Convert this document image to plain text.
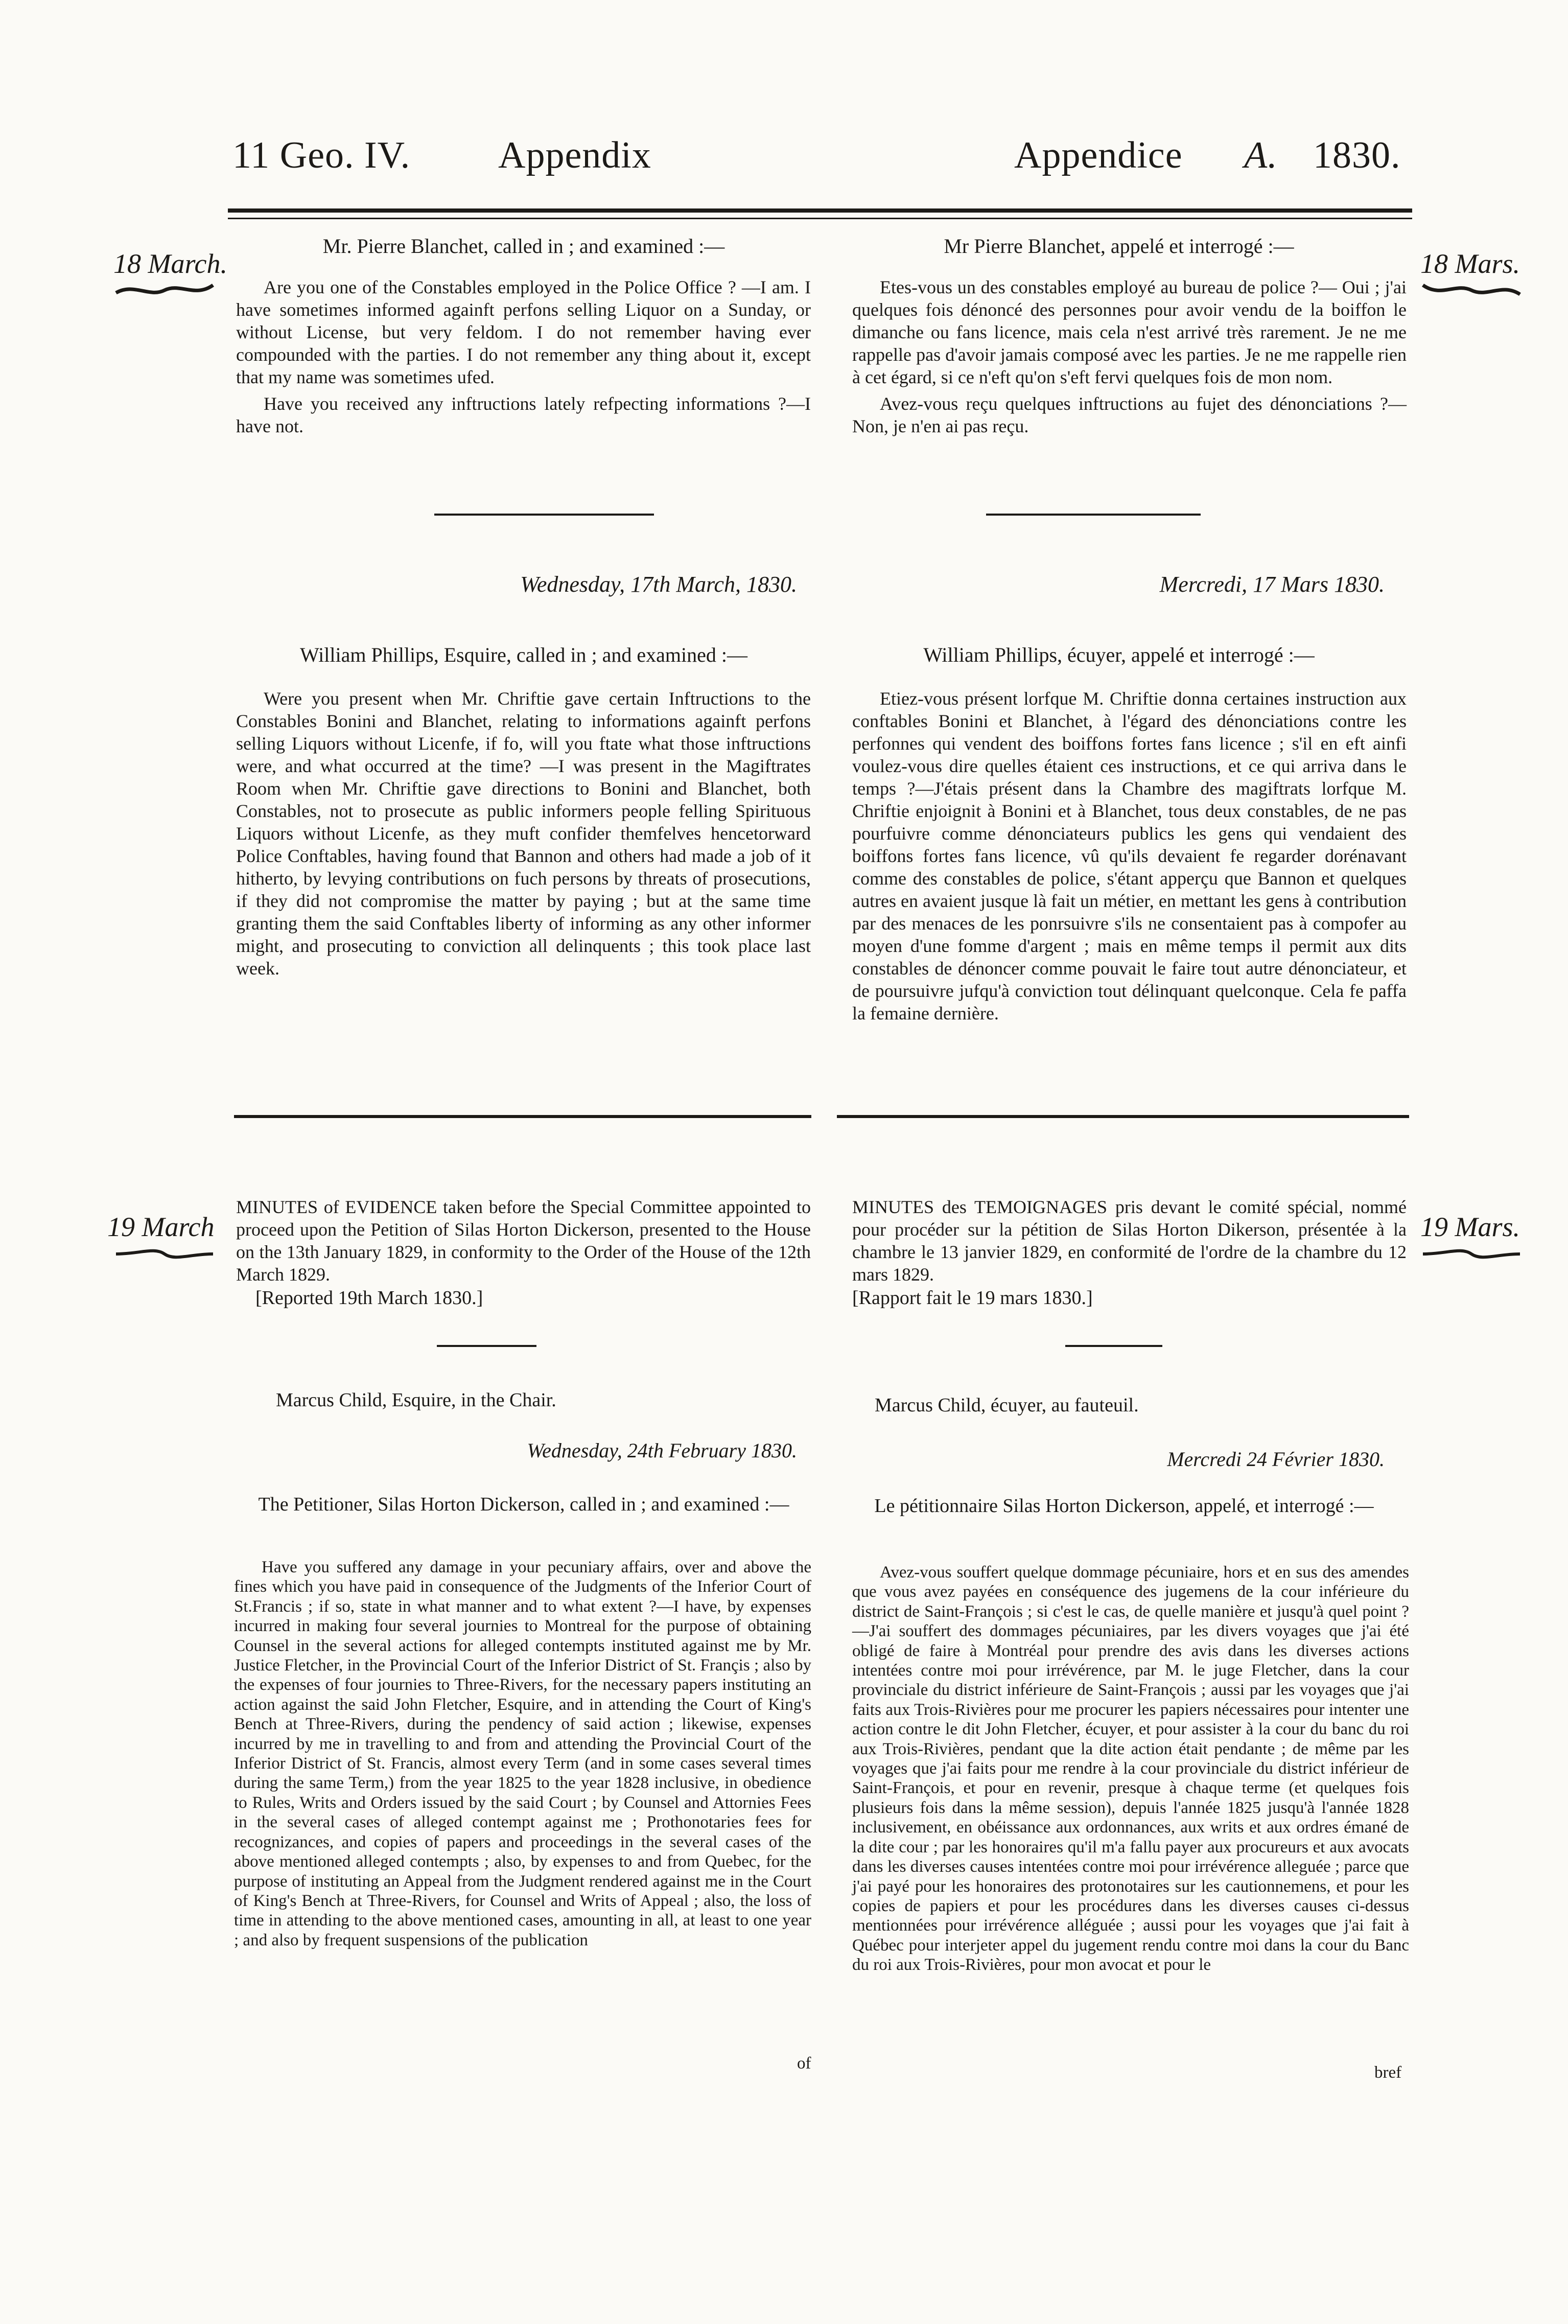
11 Geo. IV. Appendix	Appendice A. 1830.
18 March.	18 Mars.
Mr. Pierre Blanchet, called in ; and examined :—

Are you one of the Constables employed in the Police Office ? —I am. I have sometimes informed againft perfons selling Liquor on a Sunday, or without License, but very feldom. I do not remember having ever compounded with the parties. I do not remember any thing about it, except that my name was sometimes ufed.

Have you received any inftructions lately refpecting informations ?—I have not.

Mr Pierre Blanchet, appelé et interrogé :—

Etes-vous un des constables employé au bureau de police ?— Oui ; j'ai quelques fois dénoncé des personnes pour avoir vendu de la boiffon le dimanche ou fans licence, mais cela n'est arrivé très rarement. Je ne me rappelle pas d'avoir jamais composé avec les parties. Je ne me rappelle rien à cet égard, si ce n'eft qu'on s'eft fervi quelques fois de mon nom.

Avez-vous reçu quelques inftructions au fujet des dénonciations ?—Non, je n'en ai pas reçu.

Wednesday, 17th March, 1830.	Mercredi, 17 Mars 1830.
William Phillips, Esquire, called in ; and examined :—	William Phillips, écuyer, appelé et interrogé :—

Were you present when Mr. Chriftie gave certain Inftructions to the Constables Bonini and Blanchet, relating to informations againft perfons selling Liquors without Licenfe, if fo, will you ftate what those inftructions were, and what occurred at the time? —I was present in the Magiftrates Room when Mr. Chriftie gave directions to Bonini and Blanchet, both Constables, not to prosecute as public informers people felling Spirituous Liquors without Licenfe, as they muft confider themfelves hencetorward Police Conftables, having found that Bannon and others had made a job of it hitherto, by levying contributions on fuch persons by threats of prosecutions, if they did not compromise the matter by paying ; but at the same time granting them the said Conftables liberty of informing as any other informer might, and prosecuting to conviction all delinquents ; this took place last week.

Etiez-vous présent lorfque M. Chriftie donna certaines instruction aux conftables Bonini et Blanchet, à l'égard des dénonciations contre les perfonnes qui vendent des boiffons fortes fans licence ; s'il en eft ainfi voulez-vous dire quelles étaient ces instructions, et ce qui arriva dans le temps ?—J'étais présent dans la Chambre des magiftrats lorfque M. Chriftie enjoignit à Bonini et à Blanchet, tous deux constables, de ne pas pourfuivre comme dénonciateurs publics les gens qui vendaient des boiffons fortes fans licence, vû qu'ils devaient fe regarder dorénavant comme des constables de police, s'étant apperçu que Bannon et quelques autres en avaient jusque là fait un métier, en mettant les gens à contribution par des menaces de les ponrsuivre s'ils ne consentaient pas à compofer au moyen d'une fomme d'argent ; mais en même temps il permit aux dits constables de dénoncer comme pouvait le faire tout autre dénonciateur, et de poursuivre jufqu'à conviction tout délinquant quelconque. Cela fe paffa la femaine dernière.

19 March	19 Mars.
MINUTES of EVIDENCE taken before the Special Committee appointed to proceed upon the Petition of Silas Horton Dickerson, presented to the House on the 13th January 1829, in conformity to the Order of the House of the 12th March 1829.
[Reported 19th March 1830.]
MINUTES des TEMOIGNAGES pris devant le comité spécial, nommé pour procéder sur la pétition de Silas Horton Dikerson, présentée à la chambre le 13 janvier 1829, en conformité de l'ordre de la chambre du 12 mars 1829.
[Rapport fait le 19 mars 1830.]
Marcus Child, Esquire, in the Chair.	Marcus Child, écuyer, au fauteuil.
Wednesday, 24th February 1830.	Mercredi 24 Février 1830.
The Petitioner, Silas Horton Dickerson, called in ; and examined :—	Le pétitionnaire Silas Horton Dickerson, appelé, et interrogé :—

Have you suffered any damage in your pecuniary affairs, over and above the fines which you have paid in consequence of the Judgments of the Inferior Court of St.Francis ; if so, state in what manner and to what extent ?—I have, by expenses incurred in making four several journies to Montreal for the purpose of obtaining Counsel in the several actions for alleged contempts instituted against me by Mr. Justice Fletcher, in the Provincial Court of the Inferior District of St. Françis ; also by the expenses of four journies to Three-Rivers, for the necessary papers instituting an action against the said John Fletcher, Esquire, and in attending the Court of King's Bench at Three-Rivers, during the pendency of said action ; likewise, expenses incurred by me in travelling to and from and attending the Provincial Court of the Inferior District of St. Francis, almost every Term (and in some cases several times during the same Term,) from the year 1825 to the year 1828 inclusive, in obedience to Rules, Writs and Orders issued by the said Court ; by Counsel and Attornies Fees in the several cases of alleged contempt against me ; Prothonotaries fees for recognizances, and copies of papers and proceedings in the several cases of the above mentioned alleged contempts ; also, by expenses to and from Quebec, for the purpose of instituting an Appeal from the Judgment rendered against me in the Court of King's Bench at Three-Rivers, for Counsel and Writs of Appeal ; also, the loss of time in attending to the above mentioned cases, amounting in all, at least to one year ; and also by frequent suspensions of the publication

of

Avez-vous souffert quelque dommage pécuniaire, hors et en sus des amendes que vous avez payées en conséquence des jugemens de la cour inférieure du district de Saint-François ; si c'est le cas, de quelle manière et jusqu'à quel point ?—J'ai souffert des dommages pécuniaires, par les divers voyages que j'ai été obligé de faire à Montréal pour prendre des avis dans les diverses actions intentées contre moi pour irrévérence, par M. le juge Fletcher, dans la cour provinciale du district inférieure de Saint-François ; aussi par les voyages que j'ai faits aux Trois-Rivières pour me procurer les papiers nécessaires pour intenter une action contre le dit John Fletcher, écuyer, et pour assister à la cour du banc du roi aux Trois-Rivières, pendant que la dite action était pendante ; de même par les voyages que j'ai faits pour me rendre à la cour provinciale du district inférieur de Saint-François, et pour en revenir, presque à chaque terme (et quelques fois plusieurs fois dans la même session), depuis l'année 1825 jusqu'à l'année 1828 inclusivement, en obéissance aux ordonnances, aux writs et aux ordres émané de la dite cour ; par les honoraires qu'il m'a fallu payer aux procureurs et aux avocats dans les diverses causes intentées contre moi pour irrévérence alleguée ; parce que j'ai payé pour les honoraires des protonotaires sur les cautionnemens, et pour les copies de papiers et pour les procédures dans les diverses causes ci-dessus mentionnées pour irrévérence alléguée ; aussi pour les voyages que j'ai fait à Québec pour interjeter appel du jugement rendu contre moi dans la cour du Banc du roi aux Trois-Rivières, pour mon avocat et pour le

bref
